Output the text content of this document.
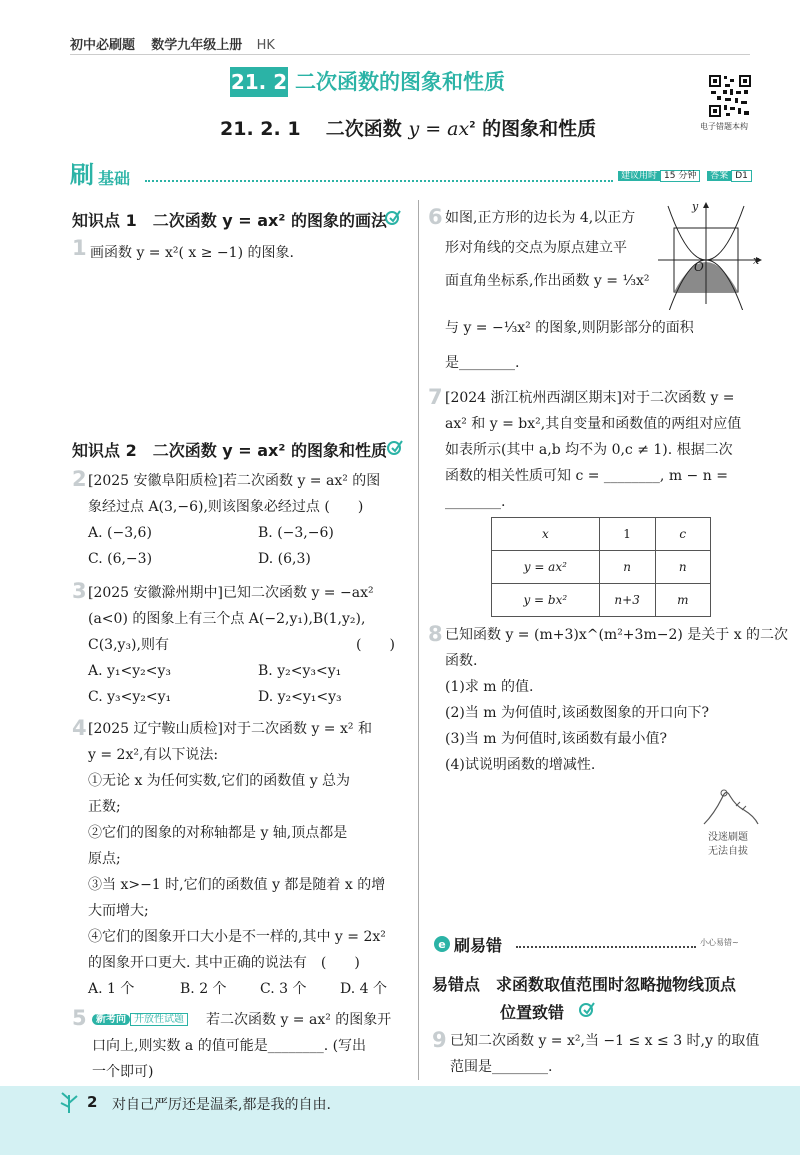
初中必刷题 数学九年级上册 HK
21. 2 二次函数的图象和性质
电子错题本构
21. 2. 1 二次函数 $y = ax^2$ 的图象和性质
刷 基础	建议用时 15 分钟 答案 D1
知识点 1　二次函数 y = ax² 的图象的画法
1 画函数 y = x²( x ≥ −1) 的图象.
知识点 2　二次函数 y = ax² 的图象和性质
2 [2025 安徽阜阳质检]若二次函数 y = ax² 的图
象经过点 A(3,−6),则该图象必经过点 (　　)
A. (−3,6)	B. (−3,−6)
C. (6,−3)	D. (6,3)
3 [2025 安徽滁州期中]已知二次函数 y = −ax²
(a<0) 的图象上有三个点 A(−2,y₁),B(1,y₂),
C(3,y₃),则有	(　　)
A. y₁<y₂<y₃	B. y₂<y₃<y₁
C. y₃<y₂<y₁	D. y₂<y₁<y₃
4 [2025 辽宁鞍山质检]对于二次函数 y = x² 和
y = 2x²,有以下说法:
①无论 x 为任何实数,它们的函数值 y 总为
正数;
②它们的图象的对称轴都是 y 轴,顶点都是
原点;
③当 x>−1 时,它们的函数值 y 都是随着 x 的增
大而增大;
④它们的图象开口大小是不一样的,其中 y = 2x²
的图象开口更大. 其中正确的说法有　(　　)
A. 1 个	B. 2 个 C. 3 个 D. 4 个
5 新考向 开放性试题 若二次函数 y = ax² 的图象开
口向上,则实数 a 的值可能是________. (写出
一个即可)
6 如图,正方形的边长为 4,以正方
形对角线的交点为原点建立平
面直角坐标系,作出函数 y = ⅓x²
与 y = −⅓x² 的图象,则阴影部分的面积
是________.
x
y
O
7 [2024 浙江杭州西湖区期末]对于二次函数 y =
ax² 和 y = bx²,其自变量和函数值的两组对应值
如表所示(其中 a,b 均不为 0,c ≠ 1). 根据二次
函数的相关性质可知 c = ________, m − n =
________.
x	1	c
y = ax²	n	n
y = bx²	n+3	m
8 已知函数 y = (m+3)x^(m²+3m−2) 是关于 x 的二次
函数.
(1)求 m 的值.
(2)当 m 为何值时,该函数图象的开口向下?
(3)当 m 为何值时,该函数有最小值?
(4)试说明函数的增减性.
没迷刷题
无法自拔
e 刷易错	小心易错~
易错点　求函数取值范围时忽略抛物线顶点
位置致错
9 已知二次函数 y = x²,当 −1 ≤ x ≤ 3 时,y 的取值
范围是________.
2 对自己严厉还是温柔,都是我的自由.
